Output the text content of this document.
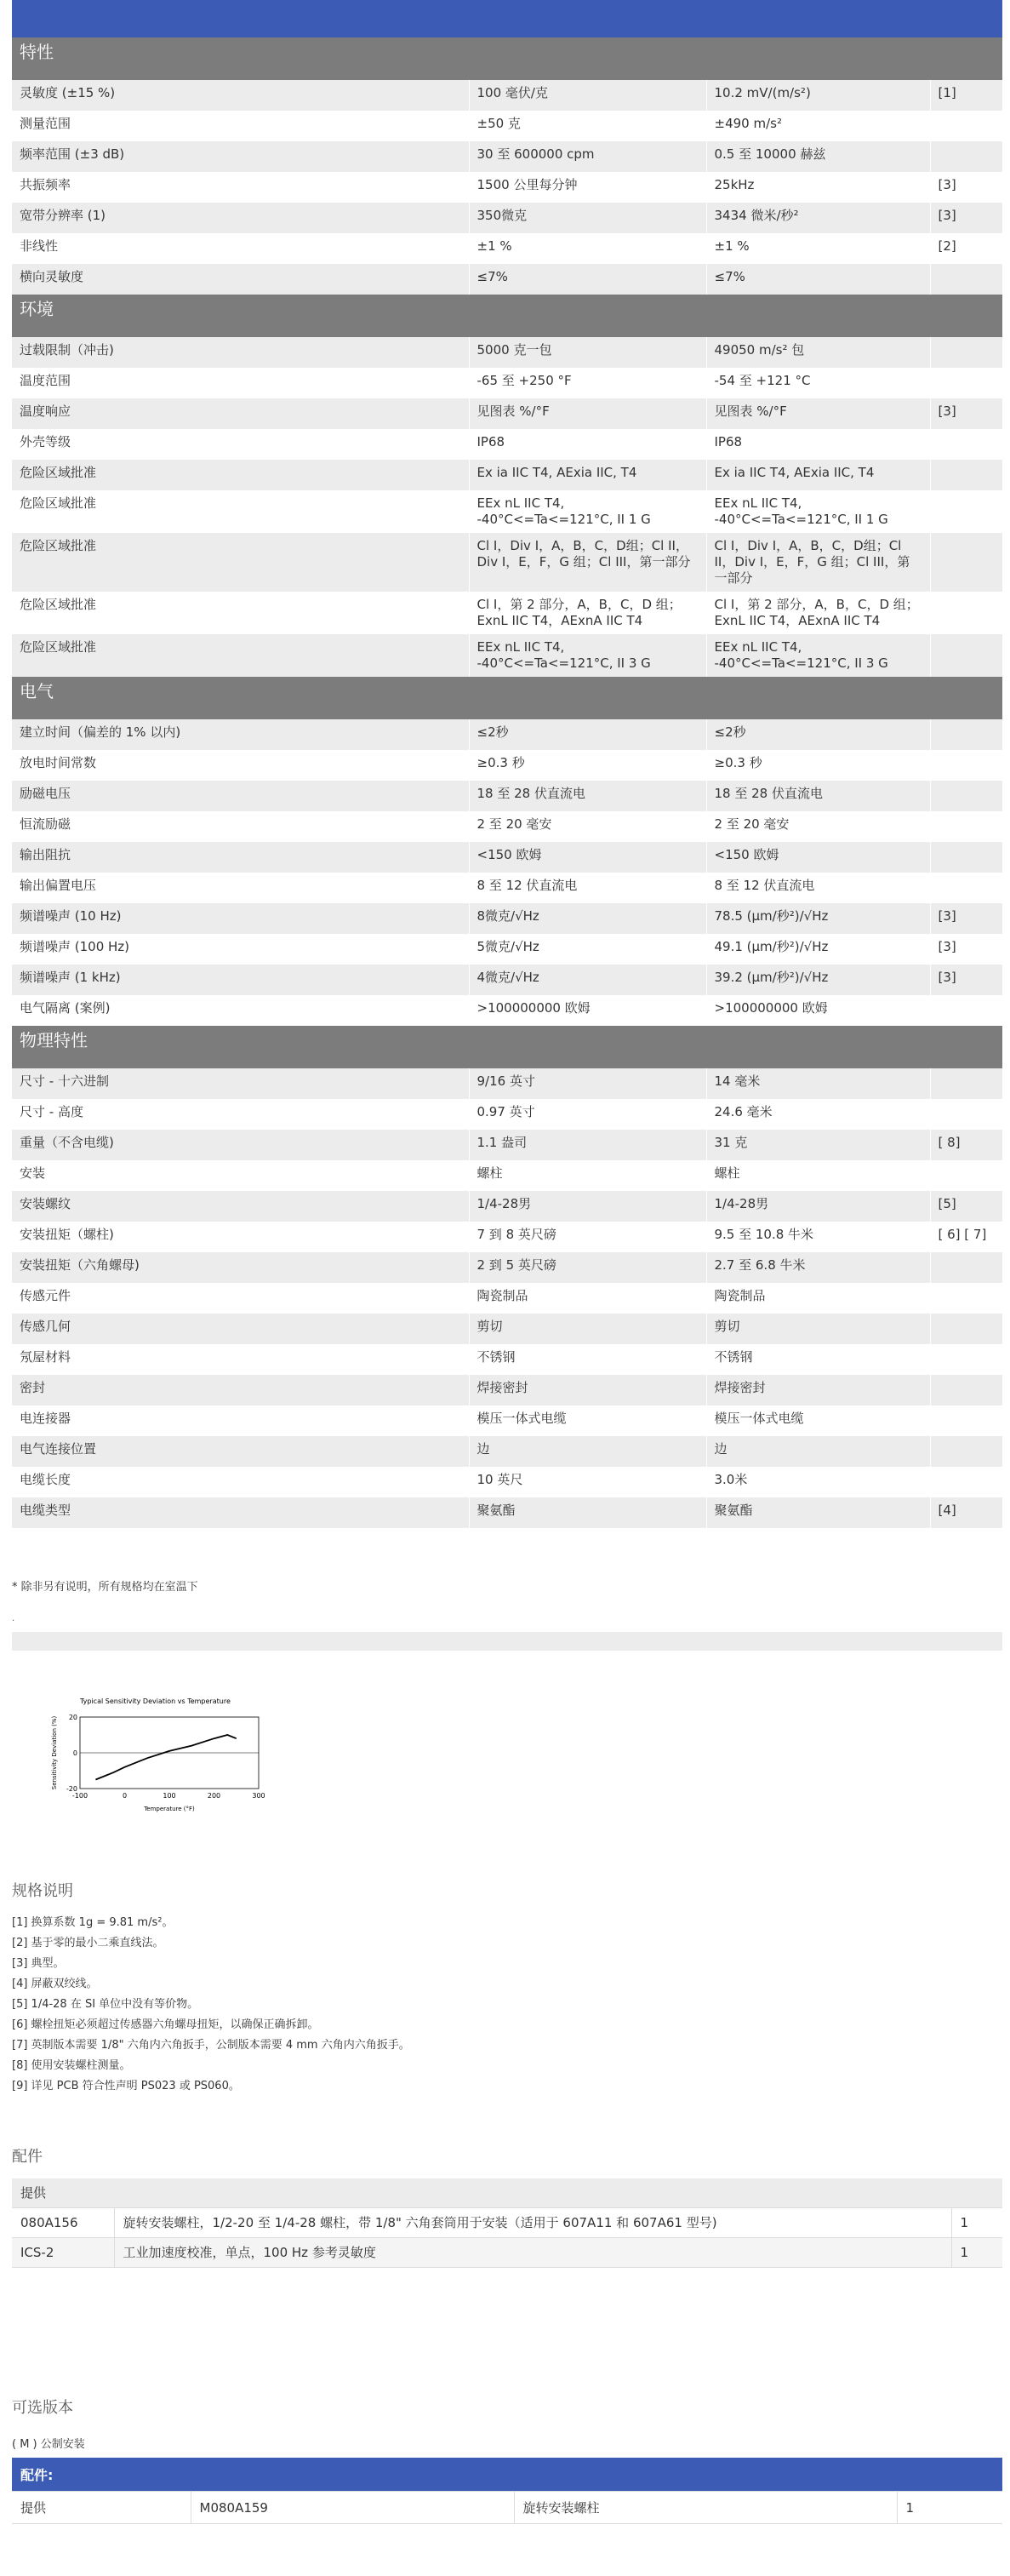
特性			
灵敏度 (±15 %)	100 毫伏/克	10.2 mV/(m/s²)	[1]
测量范围	±50 克	±490 m/s²	
频率范围 (±3 dB)	30 至 600000 cpm	0.5 至 10000 赫兹	
共振频率	1500 公里每分钟	25kHz	[3]
宽带分辨率 (1)	350微克	3434 微米/秒²	[3]
非线性	±1 %	±1 %	[2]
横向灵敏度	≤7%	≤7%	
环境			
过载限制（冲击)	5000 克一包	49050 m/s² 包	
温度范围	-65 至 +250 °F	-54 至 +121 °C	
温度响应	见图表 %/°F	见图表 %/°F	[3]
外壳等级	IP68	IP68	
危险区域批准	Ex ia IIC T4, AExia IIC, T4	Ex ia IIC T4, AExia IIC, T4	
危险区域批准	EEx nL IIC T4, -40°C<=Ta<=121°C, II 1 G	EEx nL IIC T4, -40°C<=Ta<=121°C, II 1 G	
危险区域批准	Cl I，Div I，A，B，C，D组；Cl II，Div I，E，F，G 组；Cl III，第一部分	Cl I，Div I，A，B，C，D组；Cl II，Div I，E，F，G 组；Cl III，第一部分	
危险区域批准	Cl I，第 2 部分，A，B，C，D 组；ExnL IIC T4，AExnA IIC T4	Cl I，第 2 部分，A，B，C，D 组；ExnL IIC T4，AExnA IIC T4	
危险区域批准	EEx nL IIC T4, -40°C<=Ta<=121°C, II 3 G	EEx nL IIC T4, -40°C<=Ta<=121°C, II 3 G	
电气			
建立时间（偏差的 1% 以内)	≤2秒	≤2秒	
放电时间常数	≥0.3 秒	≥0.3 秒	
励磁电压	18 至 28 伏直流电	18 至 28 伏直流电	
恒流励磁	2 至 20 毫安	2 至 20 毫安	
输出阻抗	<150 欧姆	<150 欧姆	
输出偏置电压	8 至 12 伏直流电	8 至 12 伏直流电	
频谱噪声 (10 Hz)	8微克/√Hz	78.5 (μm/秒²)/√Hz	[3]
频谱噪声 (100 Hz)	5微克/√Hz	49.1 (μm/秒²)/√Hz	[3]
频谱噪声 (1 kHz)	4微克/√Hz	39.2 (μm/秒²)/√Hz	[3]
电气隔离 (案例)	>100000000 欧姆	>100000000 欧姆	
物理特性			
尺寸 - 十六进制	9/16 英寸	14 毫米	
尺寸 - 高度	0.97 英寸	24.6 毫米	
重量（不含电缆)	1.1 盎司	31 克	[ 8]
安装	螺柱	螺柱	
安装螺纹	1/4-28男	1/4-28男	[5]
安装扭矩（螺柱)	7 到 8 英尺磅	9.5 至 10.8 牛米	[ 6] [ 7]
安装扭矩（六角螺母)	2 到 5 英尺磅	2.7 至 6.8 牛米	
传感元件	陶瓷制品	陶瓷制品	
传感几何	剪切	剪切	
氖屋材料	不锈钢	不锈钢	
密封	焊接密封	焊接密封	
电连接器	模压一体式电缆	模压一体式电缆	
电气连接位置	边	边	
电缆长度	10 英尺	3.0米	
电缆类型	聚氨酯	聚氨酯	[4]
* 除非另有说明，所有规格均在室温下
.
Typical Sensitivity Deviation vs Temperature
-100	0	100	200	300
20
0
-20
Temperature (°F)
Sensitivity Deviation (%)
规格说明
[1] 换算系数 1g = 9.81 m/s²。
[2] 基于零的最小二乘直线法。
[3] 典型。
[4] 屏蔽双绞线。
[5] 1/4-28 在 SI 单位中没有等价物。
[6] 螺栓扭矩必须超过传感器六角螺母扭矩，以确保正确拆卸。
[7] 英制版本需要 1/8" 六角内六角扳手，公制版本需要 4 mm 六角内六角扳手。
[8] 使用安装螺柱测量。
[9] 详见 PCB 符合性声明 PS023 或 PS060。
配件
提供		
080A156	旋转安装螺柱，1/2-20 至 1/4-28 螺柱，带 1/8" 六角套筒用于安装（适用于 607A11 和 607A61 型号)	1
ICS-2	工业加速度校准，单点，100 Hz 参考灵敏度	1
可选版本
( M ) 公制安装
配件:
提供	M080A159	旋转安装螺柱	1
